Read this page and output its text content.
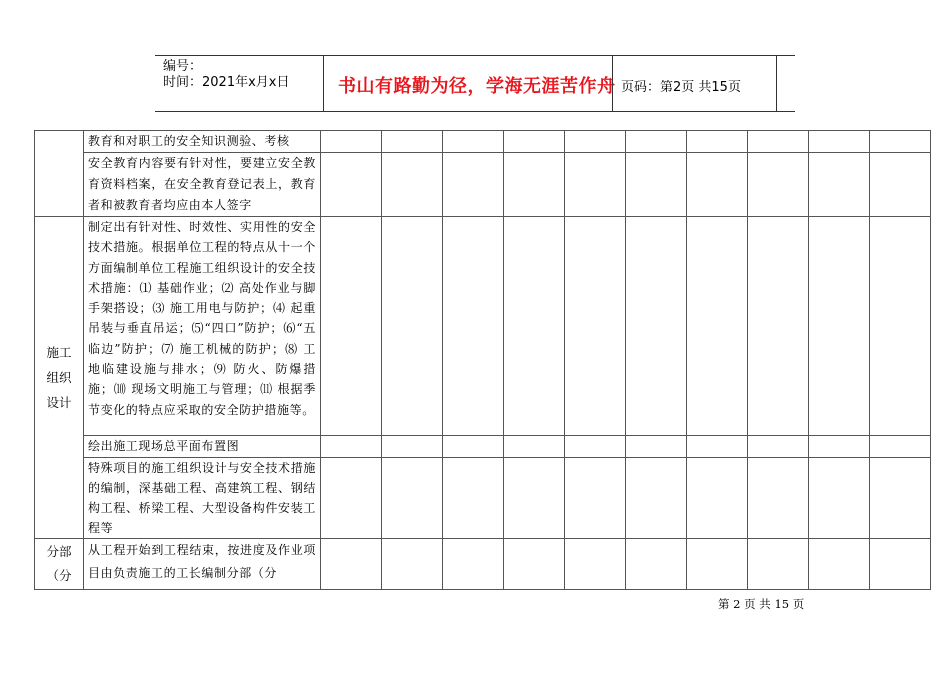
编号：
时间：2021年x月x日	书山有路勤为径，学海无涯苦作舟 页码：第2页 共15页
	教育和对职工的安全知识测验、考核										
	安全教育内容要有针对性，要建立安全教育资料档案，在安全教育登记表上，教育者和被教育者均应由本人签字										
施工组织设计	制定出有针对性、时效性、实用性的安全技术措施。根据单位工程的特点从十一个方面编制单位工程施工组织设计的安全技术措施：⑴ 基础作业；⑵ 高处作业与脚手架搭设；⑶ 施工用电与防护；⑷ 起重吊装与垂直吊运；⑸“四口”防护；⑹“五临边”防护；⑺ 施工机械的防护；⑻ 工地临建设施与排水；⑼ 防火、防爆措施；⑽ 现场文明施工与管理；⑾ 根据季节变化的特点应采取的安全防护措施等。										
	绘出施工现场总平面布置图										
	特殊项目的施工组织设计与安全技术措施的编制，深基础工程、高建筑工程、钢结构工程、桥梁工程、大型设备构件安装工程等										
分部（分	从工程开始到工程结束，按进度及作业项目由负责施工的工长编制分部（分										
第 2 页 共 15 页
